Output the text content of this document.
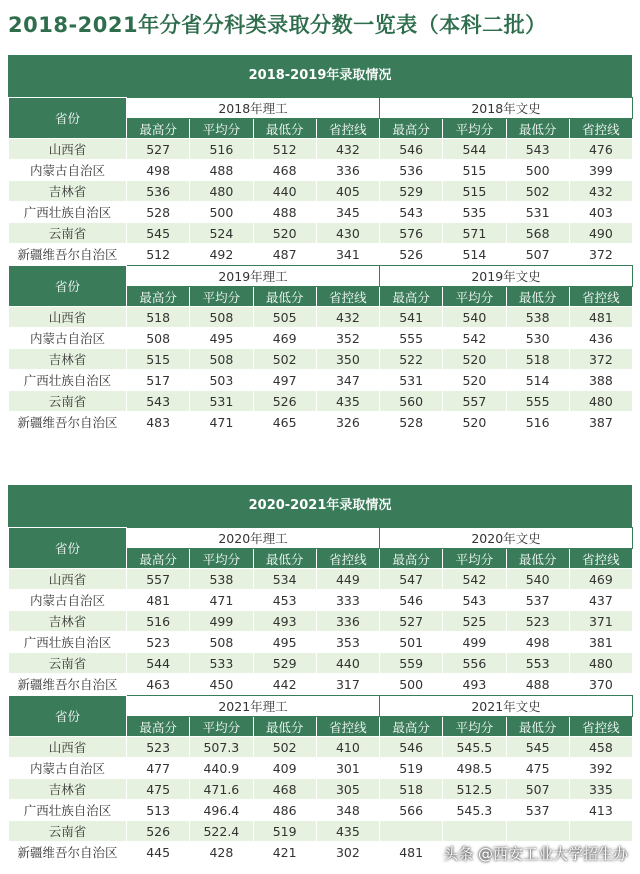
2018-2021年分省分科类录取分数一览表（本科二批）
2018-2019年录取情况
省份	2018年理工				2018年文史			
	最高分	平均分	最低分	省控线	最高分	平均分	最低分	省控线
山西省	527	516	512	432	546	544	543	476
内蒙古自治区	498	488	468	336	536	515	500	399
吉林省	536	480	440	405	529	515	502	432
广西壮族自治区	528	500	488	345	543	535	531	403
云南省	545	524	520	430	576	571	568	490
新疆维吾尔自治区	512	492	487	341	526	514	507	372
省份	2019年理工				2019年文史			
	最高分	平均分	最低分	省控线	最高分	平均分	最低分	省控线
山西省	518	508	505	432	541	540	538	481
内蒙古自治区	508	495	469	352	555	542	530	436
吉林省	515	508	502	350	522	520	518	372
广西壮族自治区	517	503	497	347	531	520	514	388
云南省	543	531	526	435	560	557	555	480
新疆维吾尔自治区	483	471	465	326	528	520	516	387
2020-2021年录取情况
省份	2020年理工				2020年文史			
	最高分	平均分	最低分	省控线	最高分	平均分	最低分	省控线
山西省	557	538	534	449	547	542	540	469
内蒙古自治区	481	471	453	333	546	543	537	437
吉林省	516	499	493	336	527	525	523	371
广西壮族自治区	523	508	495	353	501	499	498	381
云南省	544	533	529	440	559	556	553	480
新疆维吾尔自治区	463	450	442	317	500	493	488	370
省份	2021年理工				2021年文史			
	最高分	平均分	最低分	省控线	最高分	平均分	最低分	省控线
山西省	523	507.3	502	410	546	545.5	545	458
内蒙古自治区	477	440.9	409	301	519	498.5	475	392
吉林省	475	471.6	468	305	518	512.5	507	335
广西壮族自治区	513	496.4	486	348	566	545.3	537	413
云南省	526	522.4	519	435				
新疆维吾尔自治区	445	428	421	302	481			头条 @西安工业大学招生办
